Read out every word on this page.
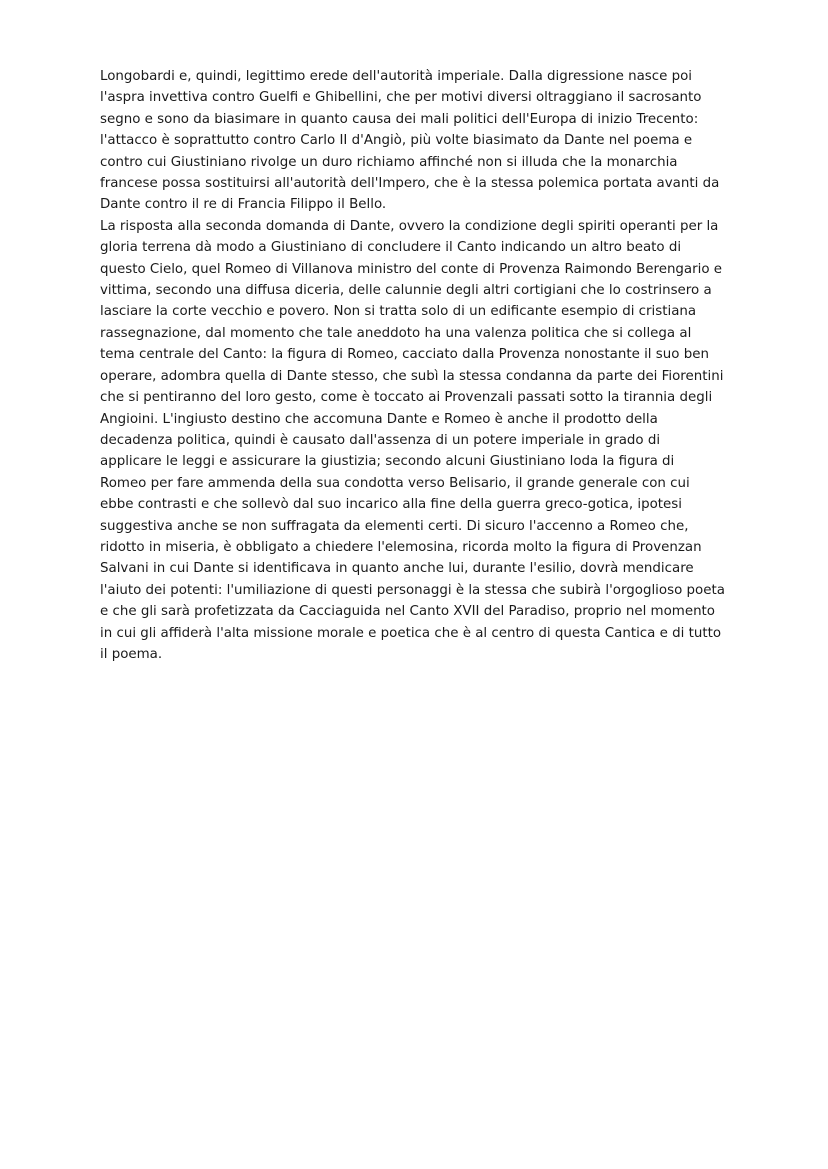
Longobardi e, quindi, legittimo erede dell'autorità imperiale. Dalla digressione nasce poi
l'aspra invettiva contro Guelfi e Ghibellini, che per motivi diversi oltraggiano il sacrosanto
segno e sono da biasimare in quanto causa dei mali politici dell'Europa di inizio Trecento:
l'attacco è soprattutto contro Carlo II d'Angiò, più volte biasimato da Dante nel poema e
contro cui Giustiniano rivolge un duro richiamo affinché non si illuda che la monarchia
francese possa sostituirsi all'autorità dell'Impero, che è la stessa polemica portata avanti da
Dante contro il re di Francia Filippo il Bello.
La risposta alla seconda domanda di Dante, ovvero la condizione degli spiriti operanti per la
gloria terrena dà modo a Giustiniano di concludere il Canto indicando un altro beato di
questo Cielo, quel Romeo di Villanova ministro del conte di Provenza Raimondo Berengario e
vittima, secondo una diffusa diceria, delle calunnie degli altri cortigiani che lo costrinsero a
lasciare la corte vecchio e povero. Non si tratta solo di un edificante esempio di cristiana
rassegnazione, dal momento che tale aneddoto ha una valenza politica che si collega al
tema centrale del Canto: la figura di Romeo, cacciato dalla Provenza nonostante il suo ben
operare, adombra quella di Dante stesso, che subì la stessa condanna da parte dei Fiorentini
che si pentiranno del loro gesto, come è toccato ai Provenzali passati sotto la tirannia degli
Angioini. L'ingiusto destino che accomuna Dante e Romeo è anche il prodotto della
decadenza politica, quindi è causato dall'assenza di un potere imperiale in grado di
applicare le leggi e assicurare la giustizia; secondo alcuni Giustiniano loda la figura di
Romeo per fare ammenda della sua condotta verso Belisario, il grande generale con cui
ebbe contrasti e che sollevò dal suo incarico alla fine della guerra greco-gotica, ipotesi
suggestiva anche se non suffragata da elementi certi. Di sicuro l'accenno a Romeo che,
ridotto in miseria, è obbligato a chiedere l'elemosina, ricorda molto la figura di Provenzan
Salvani in cui Dante si identificava in quanto anche lui, durante l'esilio, dovrà mendicare
l'aiuto dei potenti: l'umiliazione di questi personaggi è la stessa che subirà l'orgoglioso poeta
e che gli sarà profetizzata da Cacciaguida nel Canto XVII del Paradiso, proprio nel momento
in cui gli affiderà l'alta missione morale e poetica che è al centro di questa Cantica e di tutto
il poema.
